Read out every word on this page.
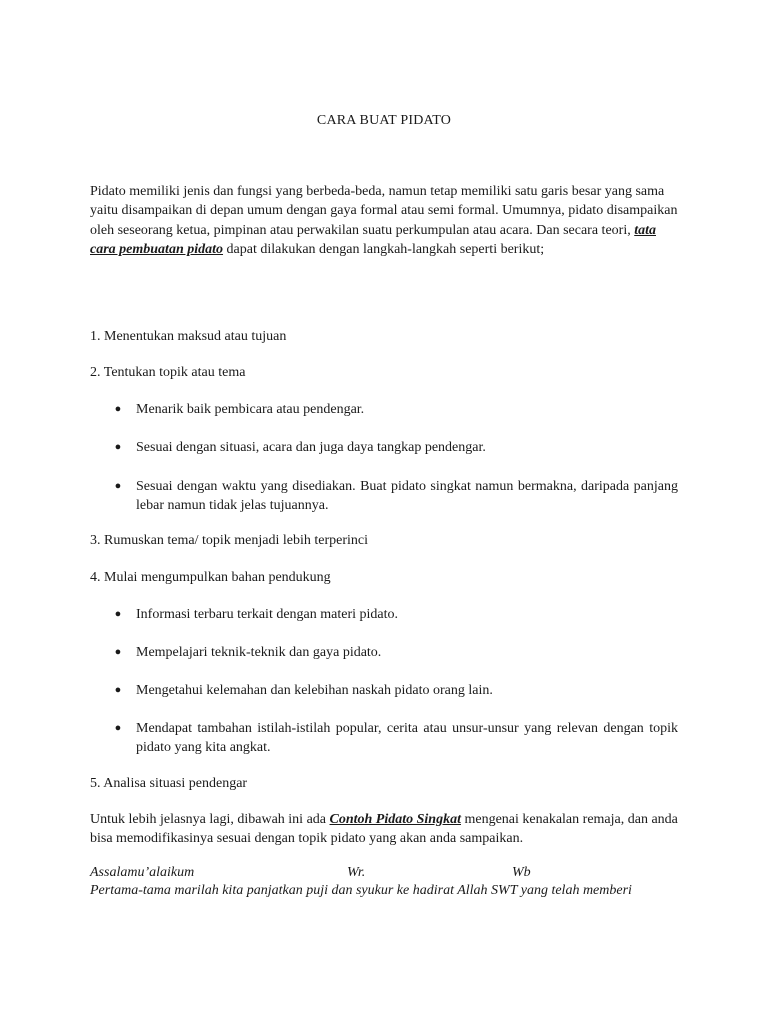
CARA BUAT PIDATO
Pidato memiliki jenis dan fungsi yang berbeda-beda, namun tetap memiliki satu garis besar yang sama yaitu disampaikan di depan umum dengan gaya formal atau semi formal. Umumnya, pidato disampaikan oleh seseorang ketua, pimpinan atau perwakilan suatu perkumpulan atau acara. Dan secara teori, tata cara pembuatan pidato dapat dilakukan dengan langkah-langkah seperti berikut;
1. Menentukan maksud atau tujuan
2. Tentukan topik atau tema
● Menarik baik pembicara atau pendengar.
● Sesuai dengan situasi, acara dan juga daya tangkap pendengar.
● Sesuai dengan waktu yang disediakan. Buat pidato singkat namun bermakna, daripada panjang lebar namun tidak jelas tujuannya.
3. Rumuskan tema/ topik menjadi lebih terperinci
4. Mulai mengumpulkan bahan pendukung
● Informasi terbaru terkait dengan materi pidato.
● Mempelajari teknik-teknik dan gaya pidato.
● Mengetahui kelemahan dan kelebihan naskah pidato orang lain.
● Mendapat tambahan istilah-istilah popular, cerita atau unsur-unsur yang relevan dengan topik pidato yang kita angkat.
5. Analisa situasi pendengar
Untuk lebih jelasnya lagi, dibawah ini ada Contoh Pidato Singkat mengenai kenakalan remaja, dan anda bisa memodifikasinya sesuai dengan topik pidato yang akan anda sampaikan.
Assalamu’alaikum	Wr.	Wb
Pertama-tama marilah kita panjatkan puji dan syukur ke hadirat Allah SWT yang telah memberi
